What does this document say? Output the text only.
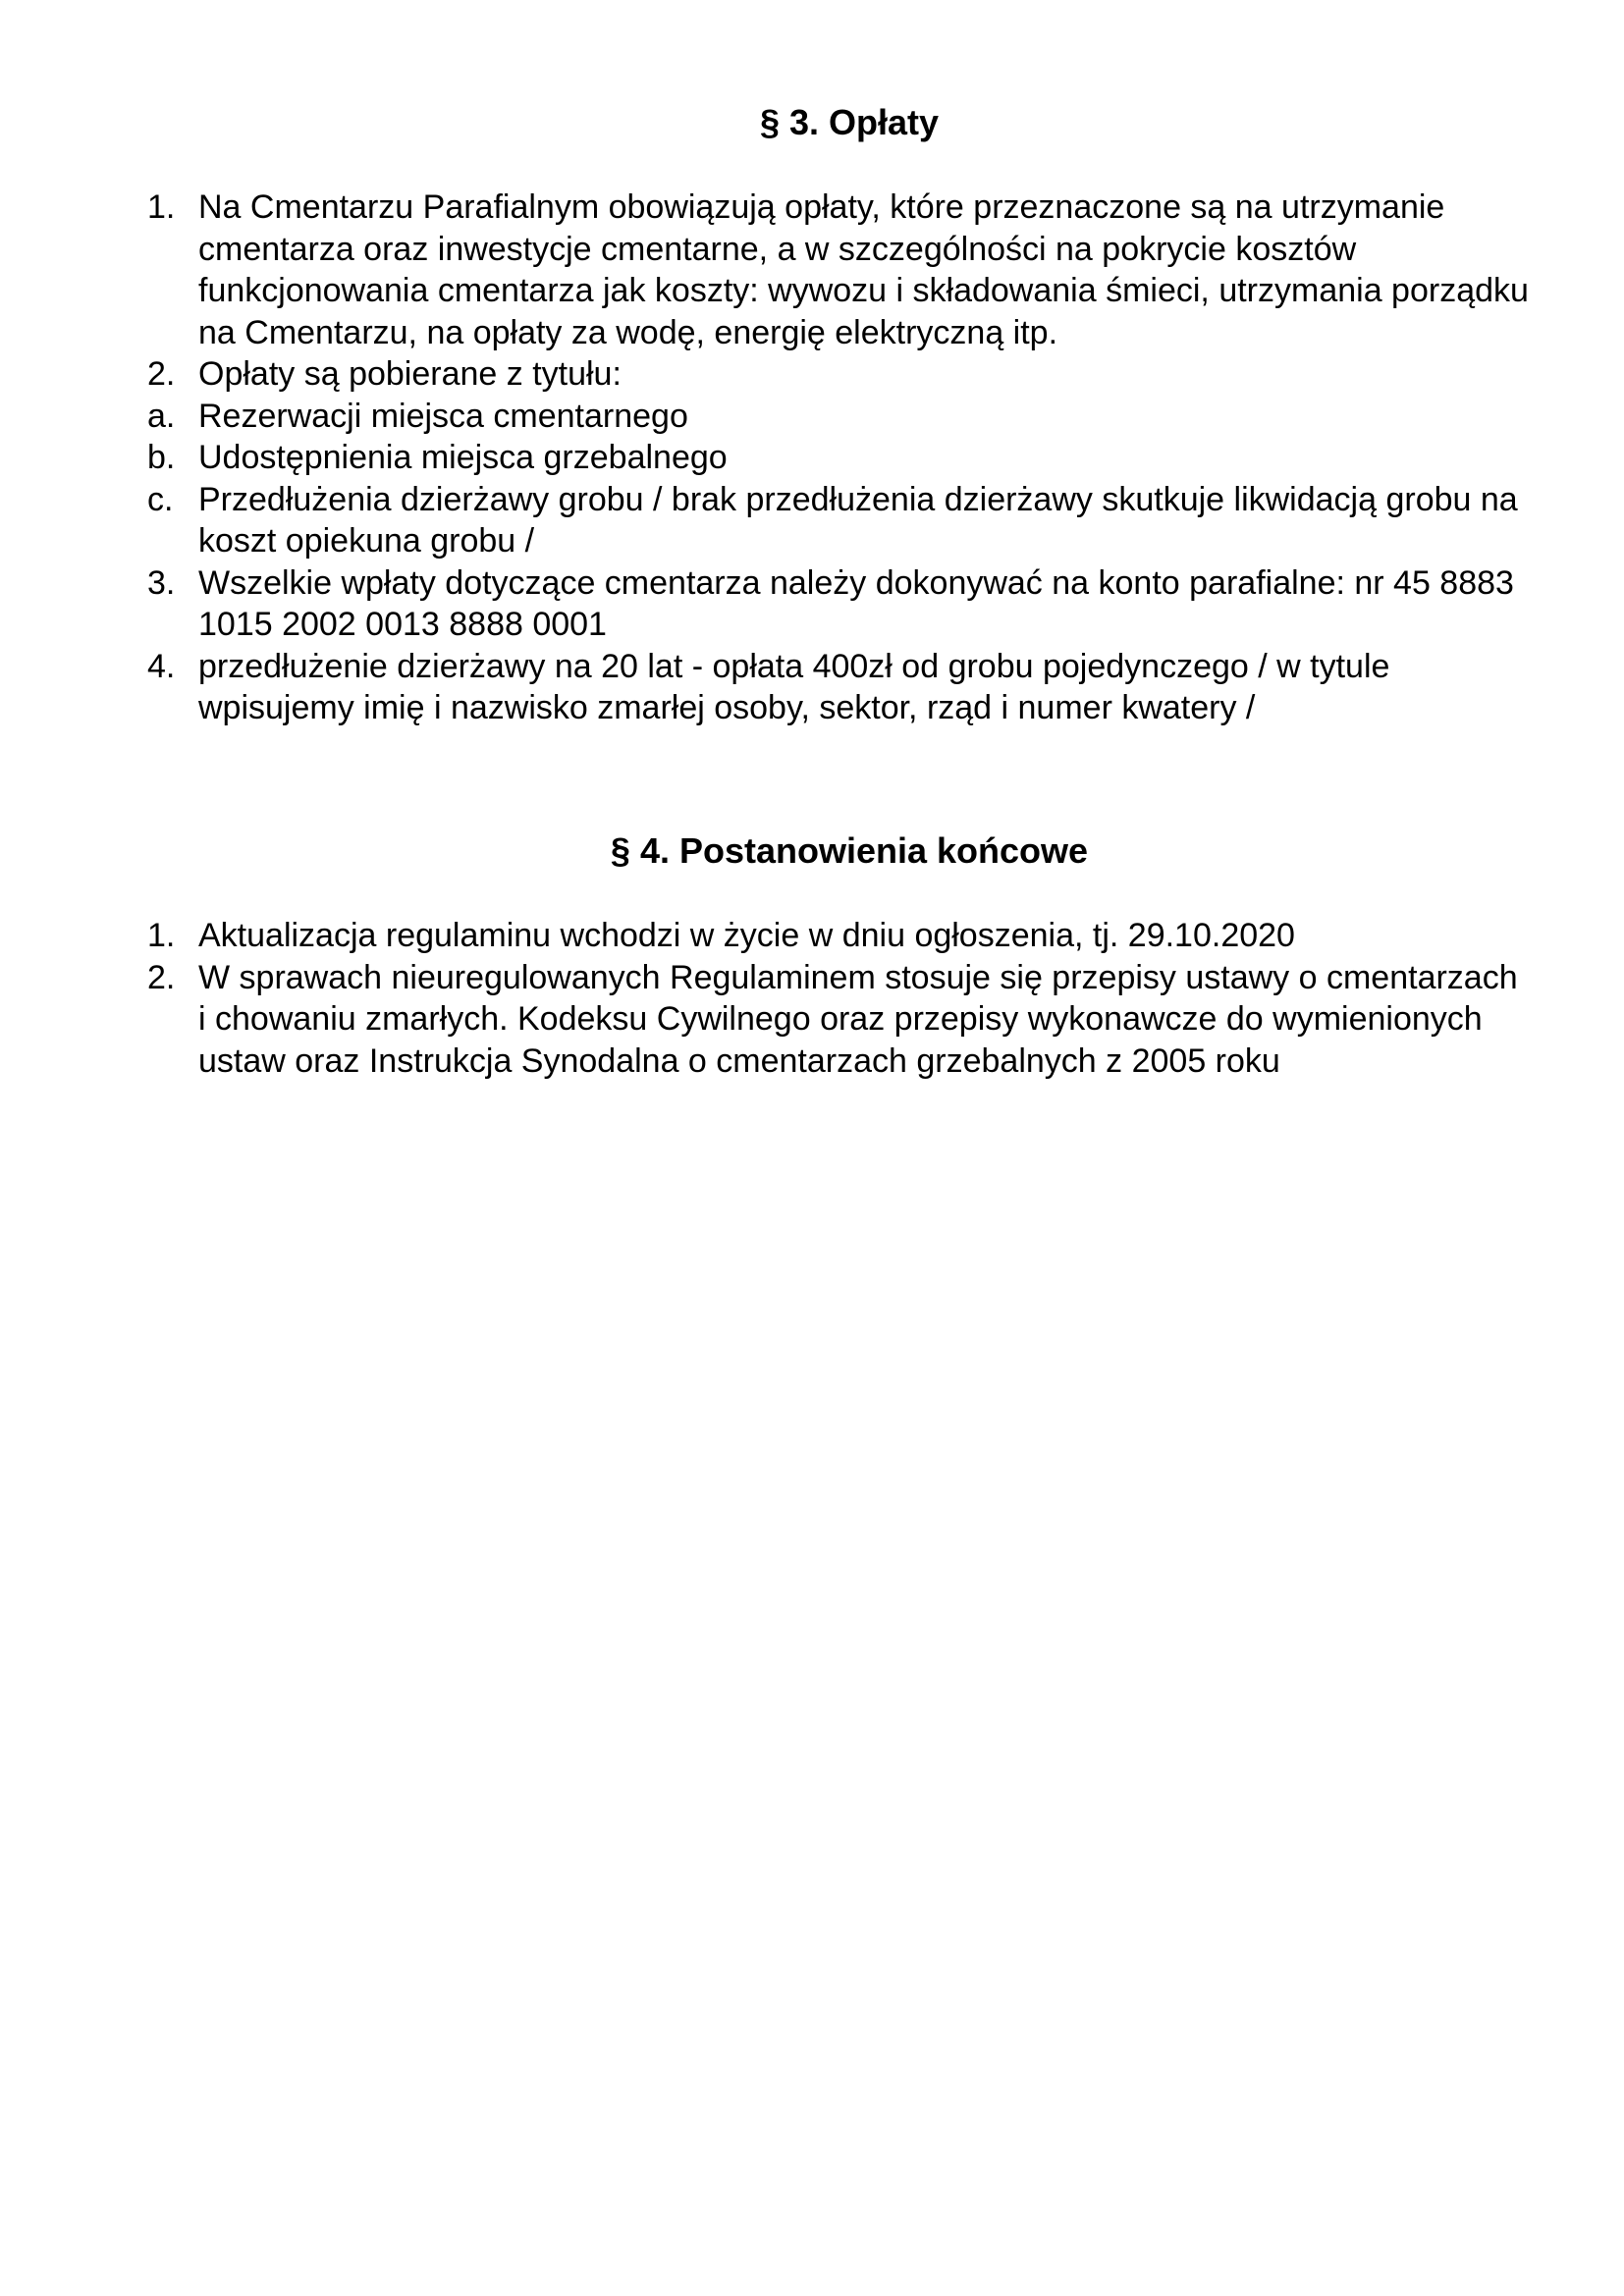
§ 3. Opłaty
1. Na Cmentarzu Parafialnym obowiązują opłaty, które przeznaczone są na utrzymanie cmentarza oraz inwestycje cmentarne, a w szczególności na pokrycie kosztów funkcjonowania cmentarza jak koszty: wywozu i składowania śmieci, utrzymania porządku na Cmentarzu, na opłaty za wodę, energię elektryczną itp.
2. Opłaty są pobierane z tytułu:
a. Rezerwacji miejsca cmentarnego
b. Udostępnienia miejsca grzebalnego
c. Przedłużenia dzierżawy grobu / brak przedłużenia dzierżawy skutkuje likwidacją grobu na koszt opiekuna grobu /
3. Wszelkie wpłaty dotyczące cmentarza należy dokonywać na konto parafialne: nr 45 8883 1015 2002 0013 8888 0001
4. przedłużenie dzierżawy na 20 lat - opłata 400zł od grobu pojedynczego / w tytule wpisujemy imię i nazwisko zmarłej osoby, sektor, rząd i numer kwatery /
§ 4. Postanowienia końcowe
1. Aktualizacja regulaminu wchodzi w życie w dniu ogłoszenia, tj. 29.10.2020
2. W sprawach nieuregulowanych Regulaminem stosuje się przepisy ustawy o cmentarzach i chowaniu zmarłych. Kodeksu Cywilnego oraz przepisy wykonawcze do wymienionych ustaw oraz Instrukcja Synodalna o cmentarzach grzebalnych z 2005 roku
